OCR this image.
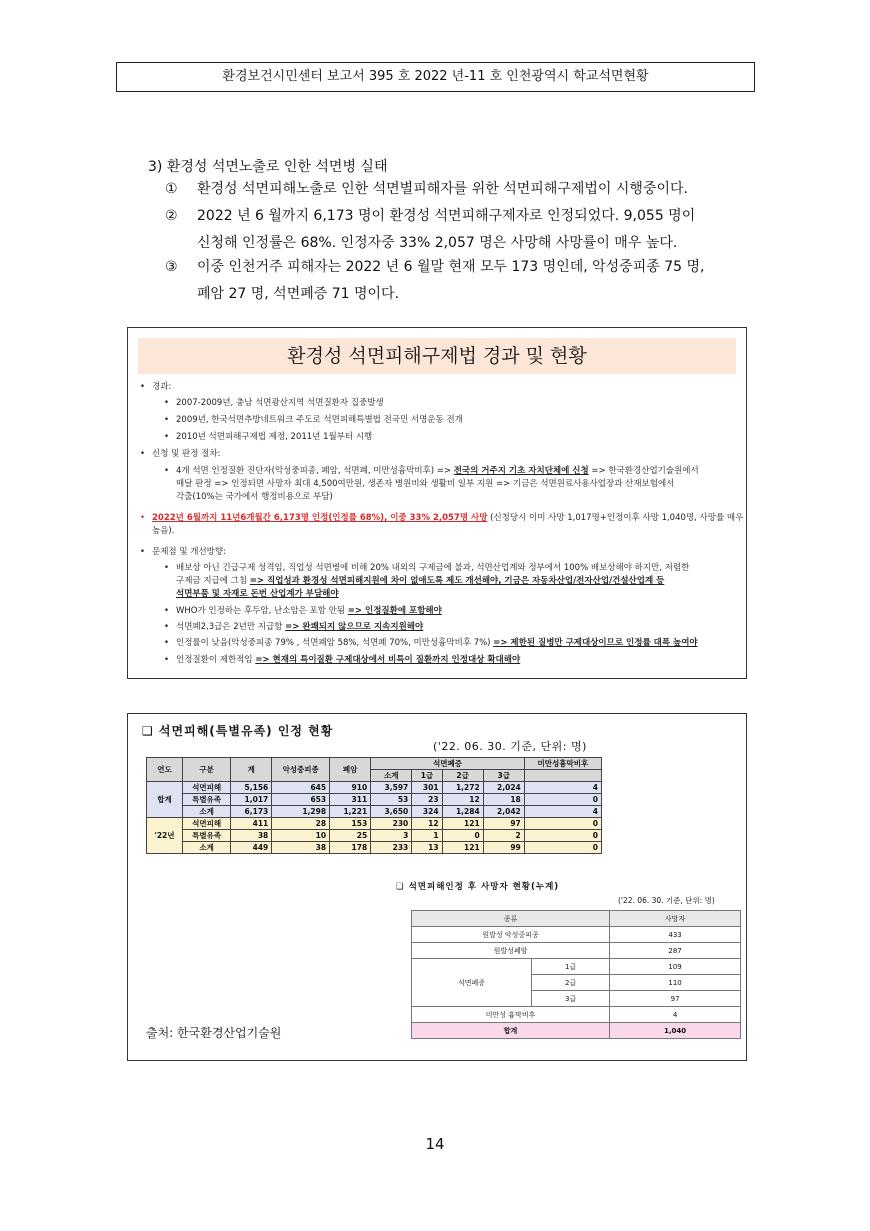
환경보건시민센터 보고서 395 호 2022 년-11 호 인천광역시 학교석면현황
3) 환경성 석면노출로 인한 석면병 실태
① 환경성 석면피해노출로 인한 석면별피해자를 위한 석면피해구제법이 시행중이다.
② 2022 년 6 월까지 6,173 명이 환경성 석면피해구제자로 인정되었다. 9,055 명이
신청해 인정률은 68%. 인정자중 33% 2,057 명은 사망해 사망률이 매우 높다.
③ 이중 인천거주 피해자는 2022 년 6 월말 현재 모두 173 명인데, 악성중피종 75 명,
폐암 27 명, 석면폐증 71 명이다.
환경성 석면피해구제법 경과 및 현황
• 경과:
• 2007-2009년, 충남 석면광산지역 석면질환자 집중발생
• 2009년, 한국석면추방네트워크 주도로 석면피해특별법 전국민 서명운동 전개
• 2010년 석면피해구제법 제정, 2011년 1월부터 시행
• 신청 및 판정 절차:
• 4개 석면 인정질환 진단자(악성중피종, 폐암, 석면폐, 미만성흉막비후) => 전국의 거주지 기초 자치단체에 신청 => 한국환경산업기술원에서
매달 판정 => 인정되면 사망자 최대 4,500여만원, 생존자 병원비와 생활비 일부 지원 => 기금은 석면원료사용사업장과 산재보험에서
각출(10%는 국가에서 행정비용으로 부담)
• 2022년 6월까지 11년6개월간 6,173명 인정(인정률 68%), 이중 33% 2,057명 사망 (신청당시 이미 사망 1,017명+인정이후 사망 1,040명, 사망률 매우
높음).
• 문제점 및 개선방향:
• 배보상 아닌 긴급구제 성격임, 직업성 석면병에 비해 20% 내외의 구제금에 불과, 석면산업계와 정부에서 100% 배보상해야 하지만, 저렴한
구제금 지급에 그침 => 직업성과 환경성 석면피해지원에 차이 없애도록 제도 개선해야, 기금은 자동차산업/전자산업/건설산업계 등
석면부품 및 자재로 돈번 산업계가 부담해야
• WHO가 인정하는 후두암, 난소암은 포함 안됨 => 인정질환에 포함해야
• 석면폐2,3급은 2년만 지급함 => 완쾌되지 않으므로 지속지원해야
• 인정률이 낮음(악성중피종 79% , 석면폐암 58%, 석면폐 70%, 미만성흉막비후 7%) => 제한된 질병만 구제대상이므로 인정률 대폭 높여야
• 인정질환이 제한적임 => 현재의 특이질환 구제대상에서 비특이 질환까지 인정대상 확대해야
❑ 석면피해(특별유족) 인정 현황
('22. 06. 30. 기준, 단위: 명)
연도	구분	계	악성중피종	폐암	석면폐증				미만성흉막비후
					소계	1급	2급	3급	
합계	석면피해	5,156	645	910	3,597	301	1,272	2,024	4
	특별유족	1,017	653	311	53	23	12	18	0
	소계	6,173	1,298	1,221	3,650	324	1,284	2,042	4
'22년	석면피해	411	28	153	230	12	121	97	0
	특별유족	38	10	25	3	1	0	2	0
	소계	449	38	178	233	13	121	99	0
❑ 석면피해인정 후 사망자 현황(누계)
('22. 06. 30. 기준, 단위: 명)
종류		사망자
원발성 악성중피종		433
원발성폐암		287
석면폐증	1급	109
	2급	110
	3급	97
미만성 흉막비후		4
합계		1,040
출처: 한국환경산업기술원
14
